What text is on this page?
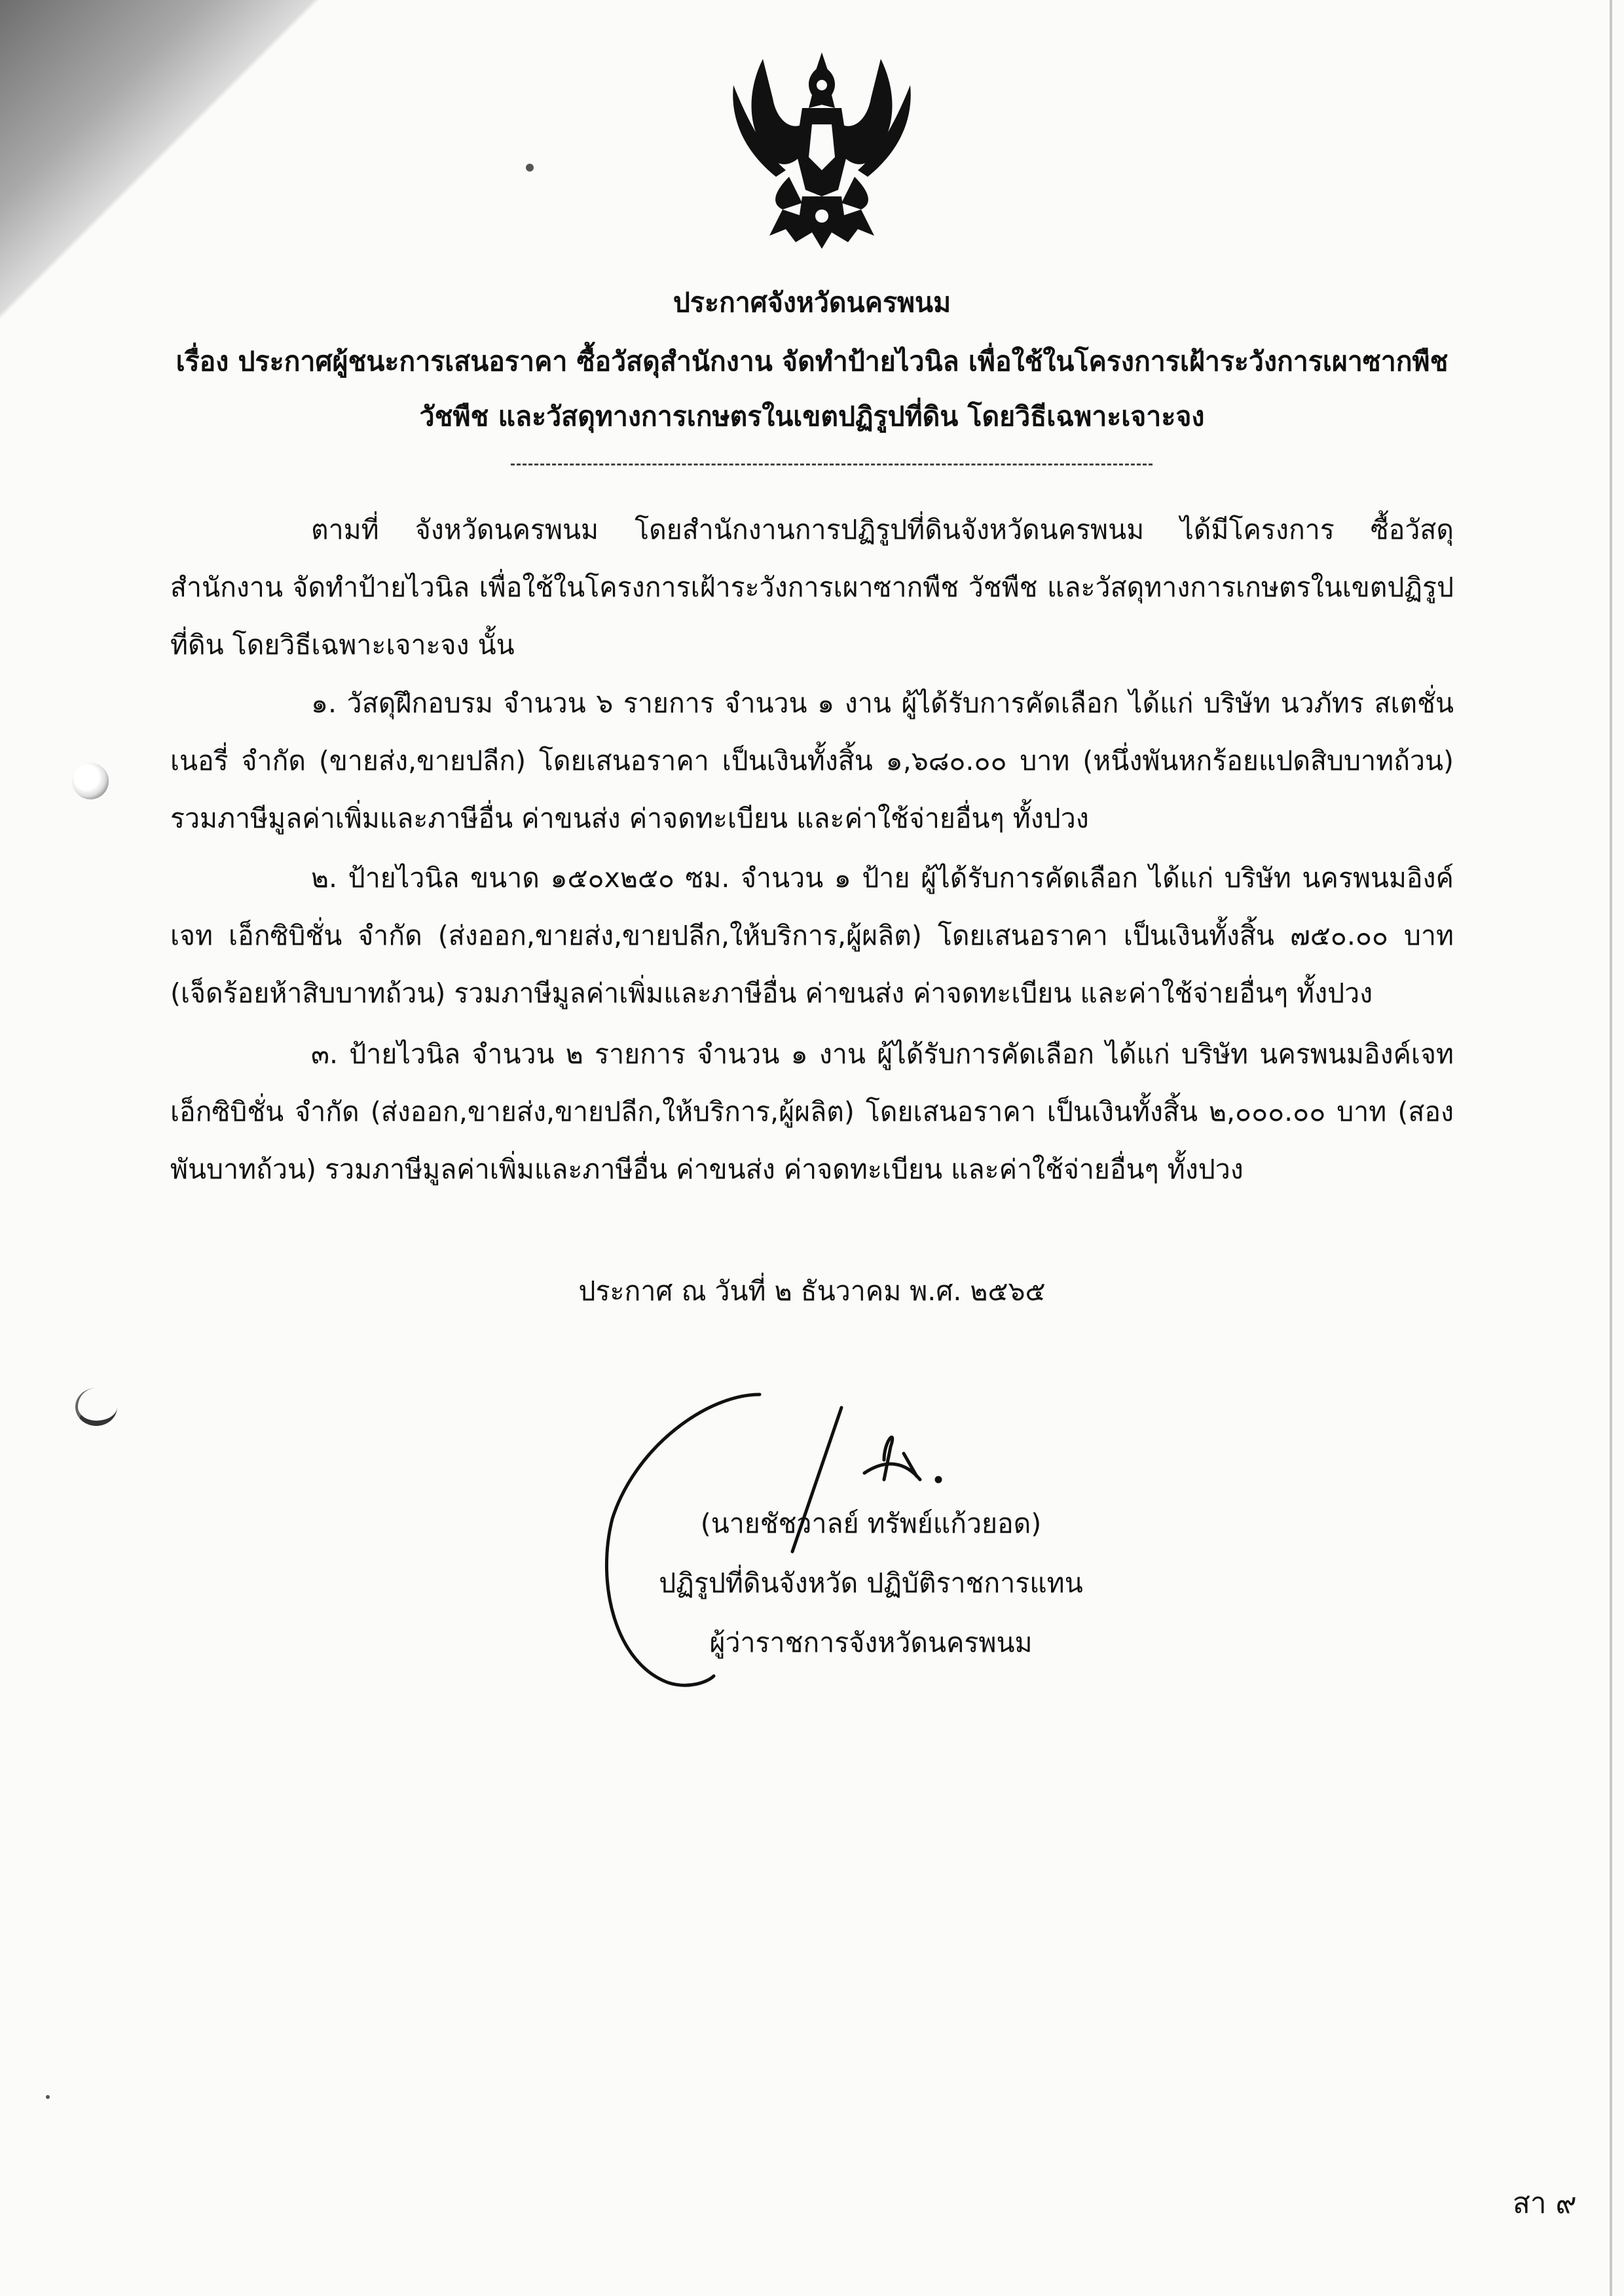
ประกาศจังหวัดนครพนม
เรื่อง ประกาศผู้ชนะการเสนอราคา ซื้อวัสดุสำนักงาน จัดทำป้ายไวนิล เพื่อใช้ในโครงการเฝ้าระวังการเผาซากพืช
วัชพืช และวัสดุทางการเกษตรในเขตปฏิรูปที่ดิน โดยวิธีเฉพาะเจาะจง

ตามที่ จังหวัดนครพนม โดยสำนักงานการปฏิรูปที่ดินจังหวัดนครพนม ได้มีโครงการ ซื้อวัสดุสำนักงาน จัดทำป้ายไวนิล เพื่อใช้ในโครงการเฝ้าระวังการเผาซากพืช วัชพืช และวัสดุทางการเกษตรในเขตปฏิรูปที่ดิน โดยวิธีเฉพาะเจาะจง นั้น

๑. วัสดุฝึกอบรม จำนวน ๖ รายการ จำนวน ๑ งาน ผู้ได้รับการคัดเลือก ได้แก่ บริษัท นวภัทร สเตชั่นเนอรี่ จำกัด (ขายส่ง,ขายปลีก) โดยเสนอราคา เป็นเงินทั้งสิ้น ๑,๖๘๐.๐๐ บาท (หนึ่งพันหกร้อยแปดสิบบาทถ้วน) รวมภาษีมูลค่าเพิ่มและภาษีอื่น ค่าขนส่ง ค่าจดทะเบียน และค่าใช้จ่ายอื่นๆ ทั้งปวง

๒. ป้ายไวนิล ขนาด ๑๕๐x๒๕๐ ซม. จำนวน ๑ ป้าย ผู้ได้รับการคัดเลือก ได้แก่ บริษัท นครพนมอิงค์เจท เอ็กซิบิชั่น จำกัด (ส่งออก,ขายส่ง,ขายปลีก,ให้บริการ,ผู้ผลิต) โดยเสนอราคา เป็นเงินทั้งสิ้น ๗๕๐.๐๐ บาท (เจ็ดร้อยห้าสิบบาทถ้วน) รวมภาษีมูลค่าเพิ่มและภาษีอื่น ค่าขนส่ง ค่าจดทะเบียน และค่าใช้จ่ายอื่นๆ ทั้งปวง

๓. ป้ายไวนิล จำนวน ๒ รายการ จำนวน ๑ งาน ผู้ได้รับการคัดเลือก ได้แก่ บริษัท นครพนมอิงค์เจท เอ็กซิบิชั่น จำกัด (ส่งออก,ขายส่ง,ขายปลีก,ให้บริการ,ผู้ผลิต) โดยเสนอราคา เป็นเงินทั้งสิ้น ๒,๐๐๐.๐๐ บาท (สองพันบาทถ้วน) รวมภาษีมูลค่าเพิ่มและภาษีอื่น ค่าขนส่ง ค่าจดทะเบียน และค่าใช้จ่ายอื่นๆ ทั้งปวง

ประกาศ ณ วันที่ ๒ ธันวาคม พ.ศ. ๒๕๖๕
(นายชัชวาลย์ ทรัพย์แก้วยอด)
ปฏิรูปที่ดินจังหวัด ปฏิบัติราชการแทน
ผู้ว่าราชการจังหวัดนครพนม
สา ๙
